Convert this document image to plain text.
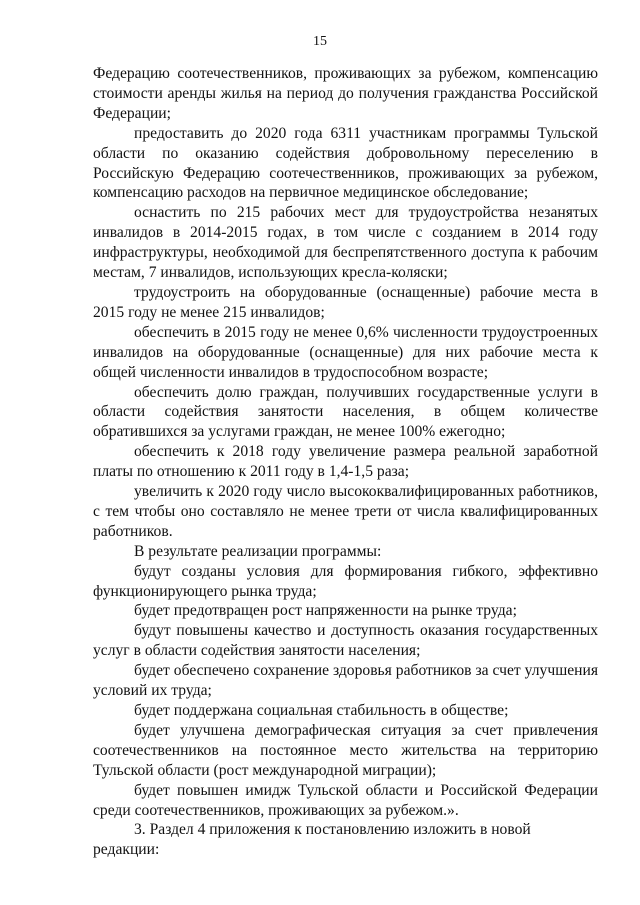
15

Федерацию соотечественников, проживающих за рубежом, компенсацию стоимости аренды жилья на период до получения гражданства Российской Федерации;

предоставить до 2020 года 6311 участникам программы Тульской области по оказанию содействия добровольному переселению в Российскую Федерацию соотечественников, проживающих за рубежом, компенсацию расходов на первичное медицинское обследование;

оснастить по 215 рабочих мест для трудоустройства незанятых инвалидов в 2014-2015 годах, в том числе с созданием в 2014 году инфраструктуры, необходимой для беспрепятственного доступа к рабочим местам, 7 инвалидов, использующих кресла-коляски;

трудоустроить на оборудованные (оснащенные) рабочие места в 2015 году не менее 215 инвалидов;

обеспечить в 2015 году не менее 0,6% численности трудоустроенных инвалидов на оборудованные (оснащенные) для них рабочие места к общей численности инвалидов в трудоспособном возрасте;

обеспечить долю граждан, получивших государственные услуги в области содействия занятости населения, в общем количестве обратившихся за услугами граждан, не менее 100% ежегодно;

обеспечить к 2018 году увеличение размера реальной заработной платы по отношению к 2011 году в 1,4-1,5 раза;

увеличить к 2020 году число высококвалифицированных работников, с тем чтобы оно составляло не менее трети от числа квалифицированных работников.

В результате реализации программы:

будут созданы условия для формирования гибкого, эффективно функционирующего рынка труда;

будет предотвращен рост напряженности на рынке труда;

будут повышены качество и доступность оказания государственных услуг в области содействия занятости населения;

будет обеспечено сохранение здоровья работников за счет улучшения условий их труда;

будет поддержана социальная стабильность в обществе;

будет улучшена демографическая ситуация за счет привлечения соотечественников на постоянное место жительства на территорию Тульской области (рост международной миграции);

будет повышен имидж Тульской области и Российской Федерации среди соотечественников, проживающих за рубежом.».

3. Раздел 4 приложения к постановлению изложить в новой редакции:
